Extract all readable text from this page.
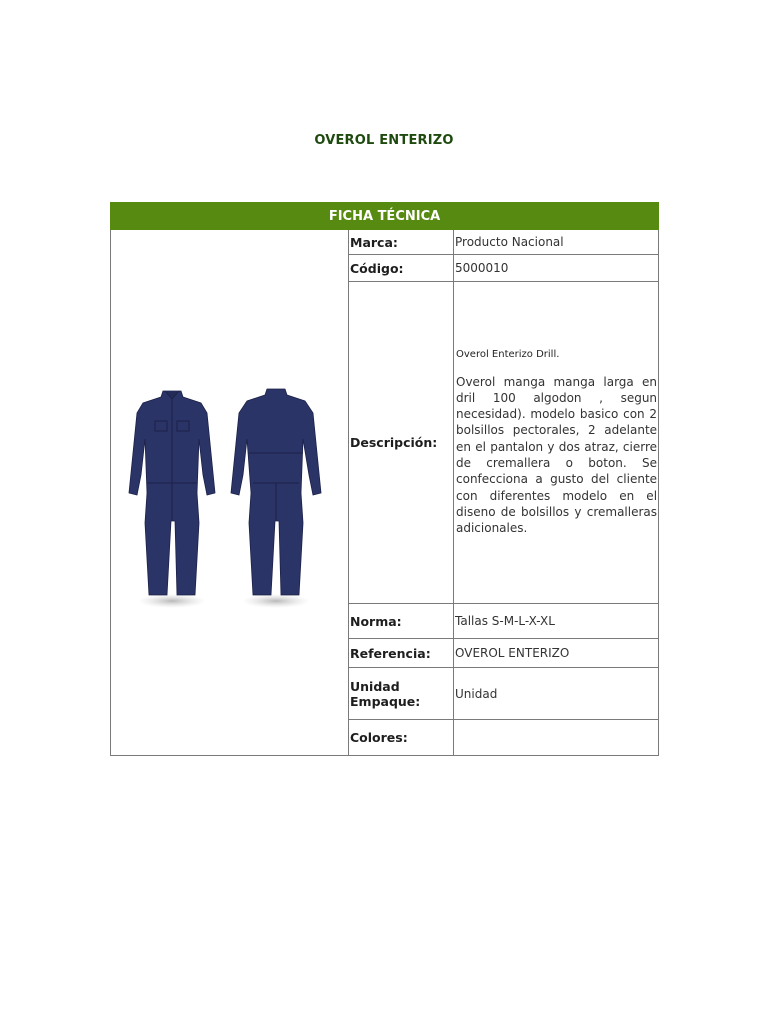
OVEROL ENTERIZO
FICHA TÉCNICA		

	Marca:	Producto Nacional
	Código:	5000010
	Descripción:	Overol Enterizo Drill.

Overol manga manga larga en dril 100 algodon , segun necesidad). modelo basico con 2 bolsillos pectorales, 2 adelante en el pantalon y dos atraz, cierre de cremallera o boton. Se confecciona a gusto del cliente con diferentes modelo en el diseno de bolsillos y cremalleras adicionales.

	Norma:	Tallas S-M-L-X-XL
	Referencia:	OVEROL ENTERIZO
	Unidad Empaque:	Unidad
	Colores:	
